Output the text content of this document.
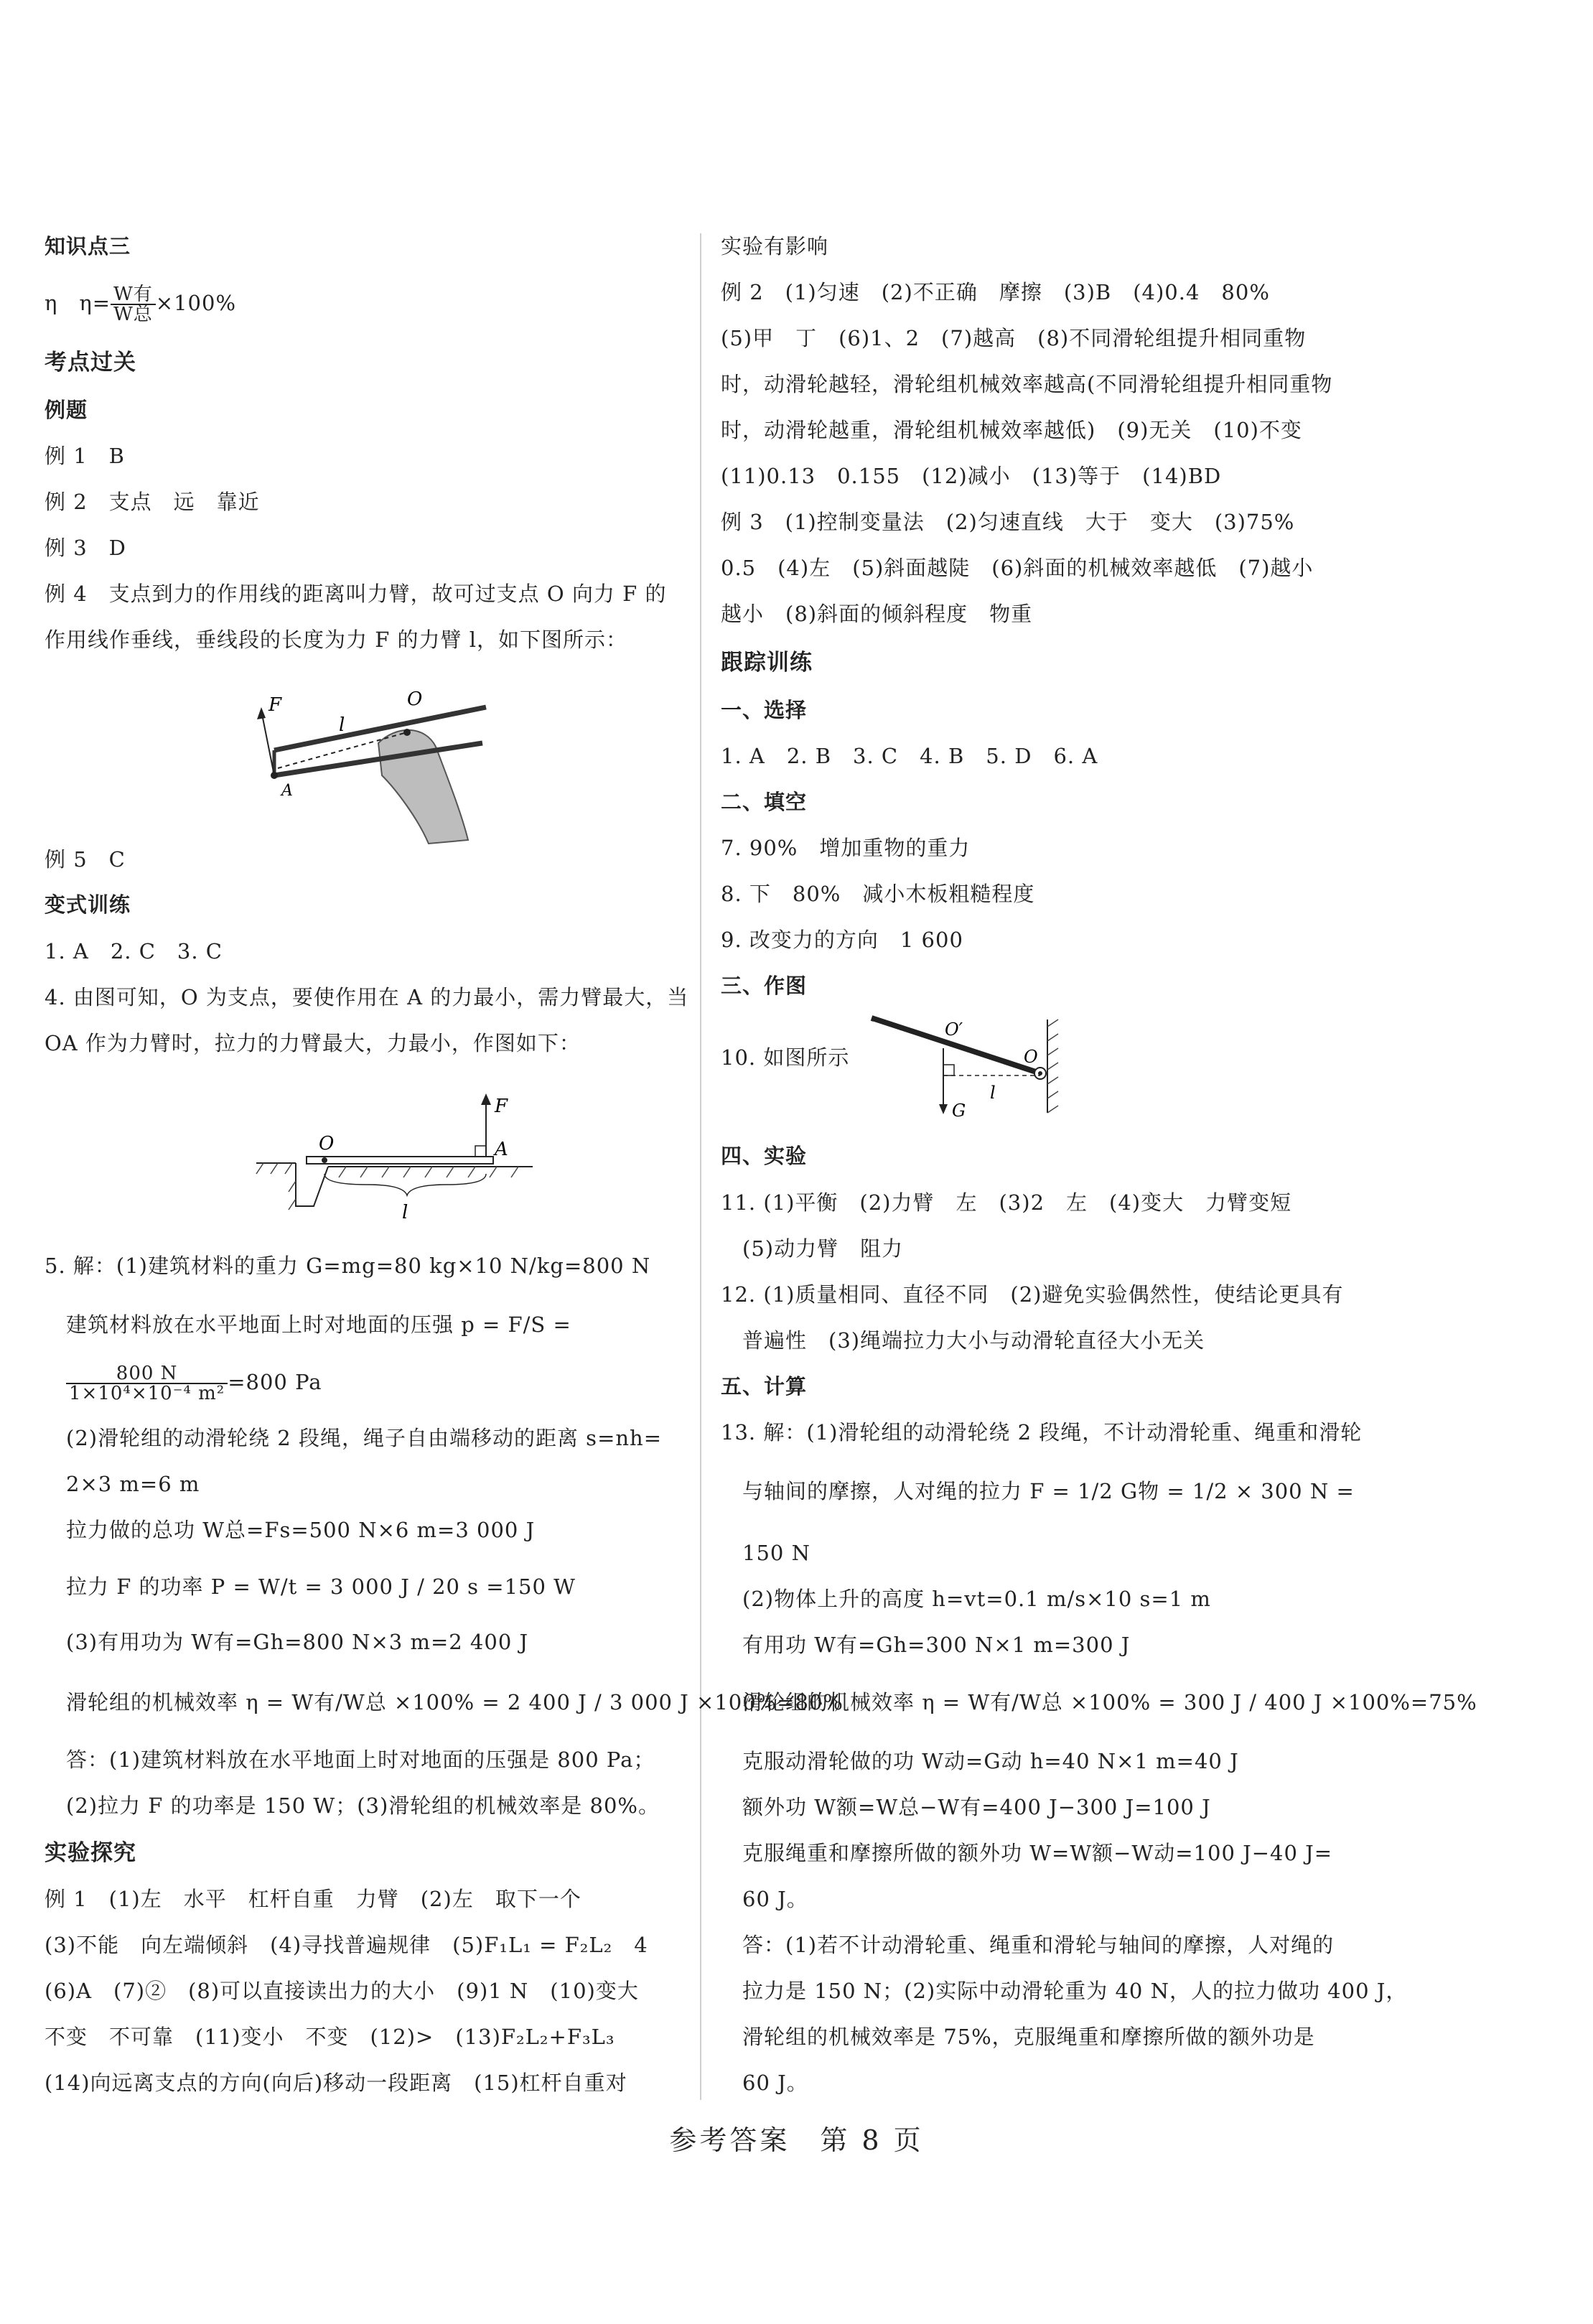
知识点三
η　$\eta= \frac{\text{W有}}{\text{W总}} \times 100\%$
考点过关
例题
例 1　B
例 2　支点　远　靠近
例 3　D
例 4　支点到力的作用线的距离叫力臂，故可过支点 O 向力 F 的
作用线作垂线，垂线段的长度为力 F 的力臂 l，如下图所示：
F
l
O
A
例 5　C
变式训练
1. A　2. C　3. C
4. 由图可知，O 为支点，要使作用在 A 的力最小，需力臂最大，当
OA 作为力臂时，拉力的力臂最大，力最小，作图如下：
F
O	A
l
5. 解：(1)建筑材料的重力 G=mg=80 kg×10 N/kg=800 N
建筑材料放在水平地面上时对地面的压强 p = F/S =
$\frac{800 N}{\text{1×10⁴×10⁻⁴ m²}} =800$ Pa
(2)滑轮组的动滑轮绕 2 段绳，绳子自由端移动的距离 s=nh=
2×3 m=6 m
拉力做的总功 W总=Fs=500 N×6 m=3 000 J
拉力 F 的功率 P = W/t = 3 000 J / 20 s =150 W
(3)有用功为 W有=Gh=800 N×3 m=2 400 J
滑轮组的机械效率 η = W有/W总 ×100% = 2 400 J / 3 000 J ×100%=80%
答：(1)建筑材料放在水平地面上时对地面的压强是 800 Pa；
(2)拉力 F 的功率是 150 W；(3)滑轮组的机械效率是 80%。
实验探究
例 1　(1)左　水平　杠杆自重　力臂　(2)左　取下一个
(3)不能　向左端倾斜　(4)寻找普遍规律　(5)F₁L₁ = F₂L₂　4
(6)A　(7)②　(8)可以直接读出力的大小　(9)1 N　(10)变大
不变　不可靠　(11)变小　不变　(12)>　(13)F₂L₂+F₃L₃
(14)向远离支点的方向(向后)移动一段距离　(15)杠杆自重对
实验有影响
例 2　(1)匀速　(2)不正确　摩擦　(3)B　(4)0.4　80%
(5)甲　丁　(6)1、2　(7)越高　(8)不同滑轮组提升相同重物
时，动滑轮越轻，滑轮组机械效率越高(不同滑轮组提升相同重物
时，动滑轮越重，滑轮组机械效率越低)　(9)无关　(10)不变
(11)0.13　0.155　(12)减小　(13)等于　(14)BD
例 3　(1)控制变量法　(2)匀速直线　大于　变大　(3)75%
0.5　(4)左　(5)斜面越陡　(6)斜面的机械效率越低　(7)越小
越小　(8)斜面的倾斜程度　物重
跟踪训练
一、选择
1. A　2. B　3. C　4. B　5. D　6. A
二、填空
7. 90%　增加重物的重力
8. 下　80%　减小木板粗糙程度
9. 改变力的方向　1 600
三、作图
10. 如图所示
O′
O
G
l
四、实验
11. (1)平衡　(2)力臂　左　(3)2　左　(4)变大　力臂变短
(5)动力臂　阻力
12. (1)质量相同、直径不同　(2)避免实验偶然性，使结论更具有
普遍性　(3)绳端拉力大小与动滑轮直径大小无关
五、计算
13. 解：(1)滑轮组的动滑轮绕 2 段绳，不计动滑轮重、绳重和滑轮
与轴间的摩擦，人对绳的拉力 F = 1/2 G物 = 1/2 × 300 N =
150 N
(2)物体上升的高度 h=vt=0.1 m/s×10 s=1 m
有用功 W有=Gh=300 N×1 m=300 J
滑轮组的机械效率 η = W有/W总 ×100% = 300 J / 400 J ×100%=75%
克服动滑轮做的功 W动=G动 h=40 N×1 m=40 J
额外功 W额=W总−W有=400 J−300 J=100 J
克服绳重和摩擦所做的额外功 W=W额−W动=100 J−40 J=
60 J。
答：(1)若不计动滑轮重、绳重和滑轮与轴间的摩擦，人对绳的
拉力是 150 N；(2)实际中动滑轮重为 40 N，人的拉力做功 400 J，
滑轮组的机械效率是 75%，克服绳重和摩擦所做的额外功是
60 J。
参考答案　第 8 页
